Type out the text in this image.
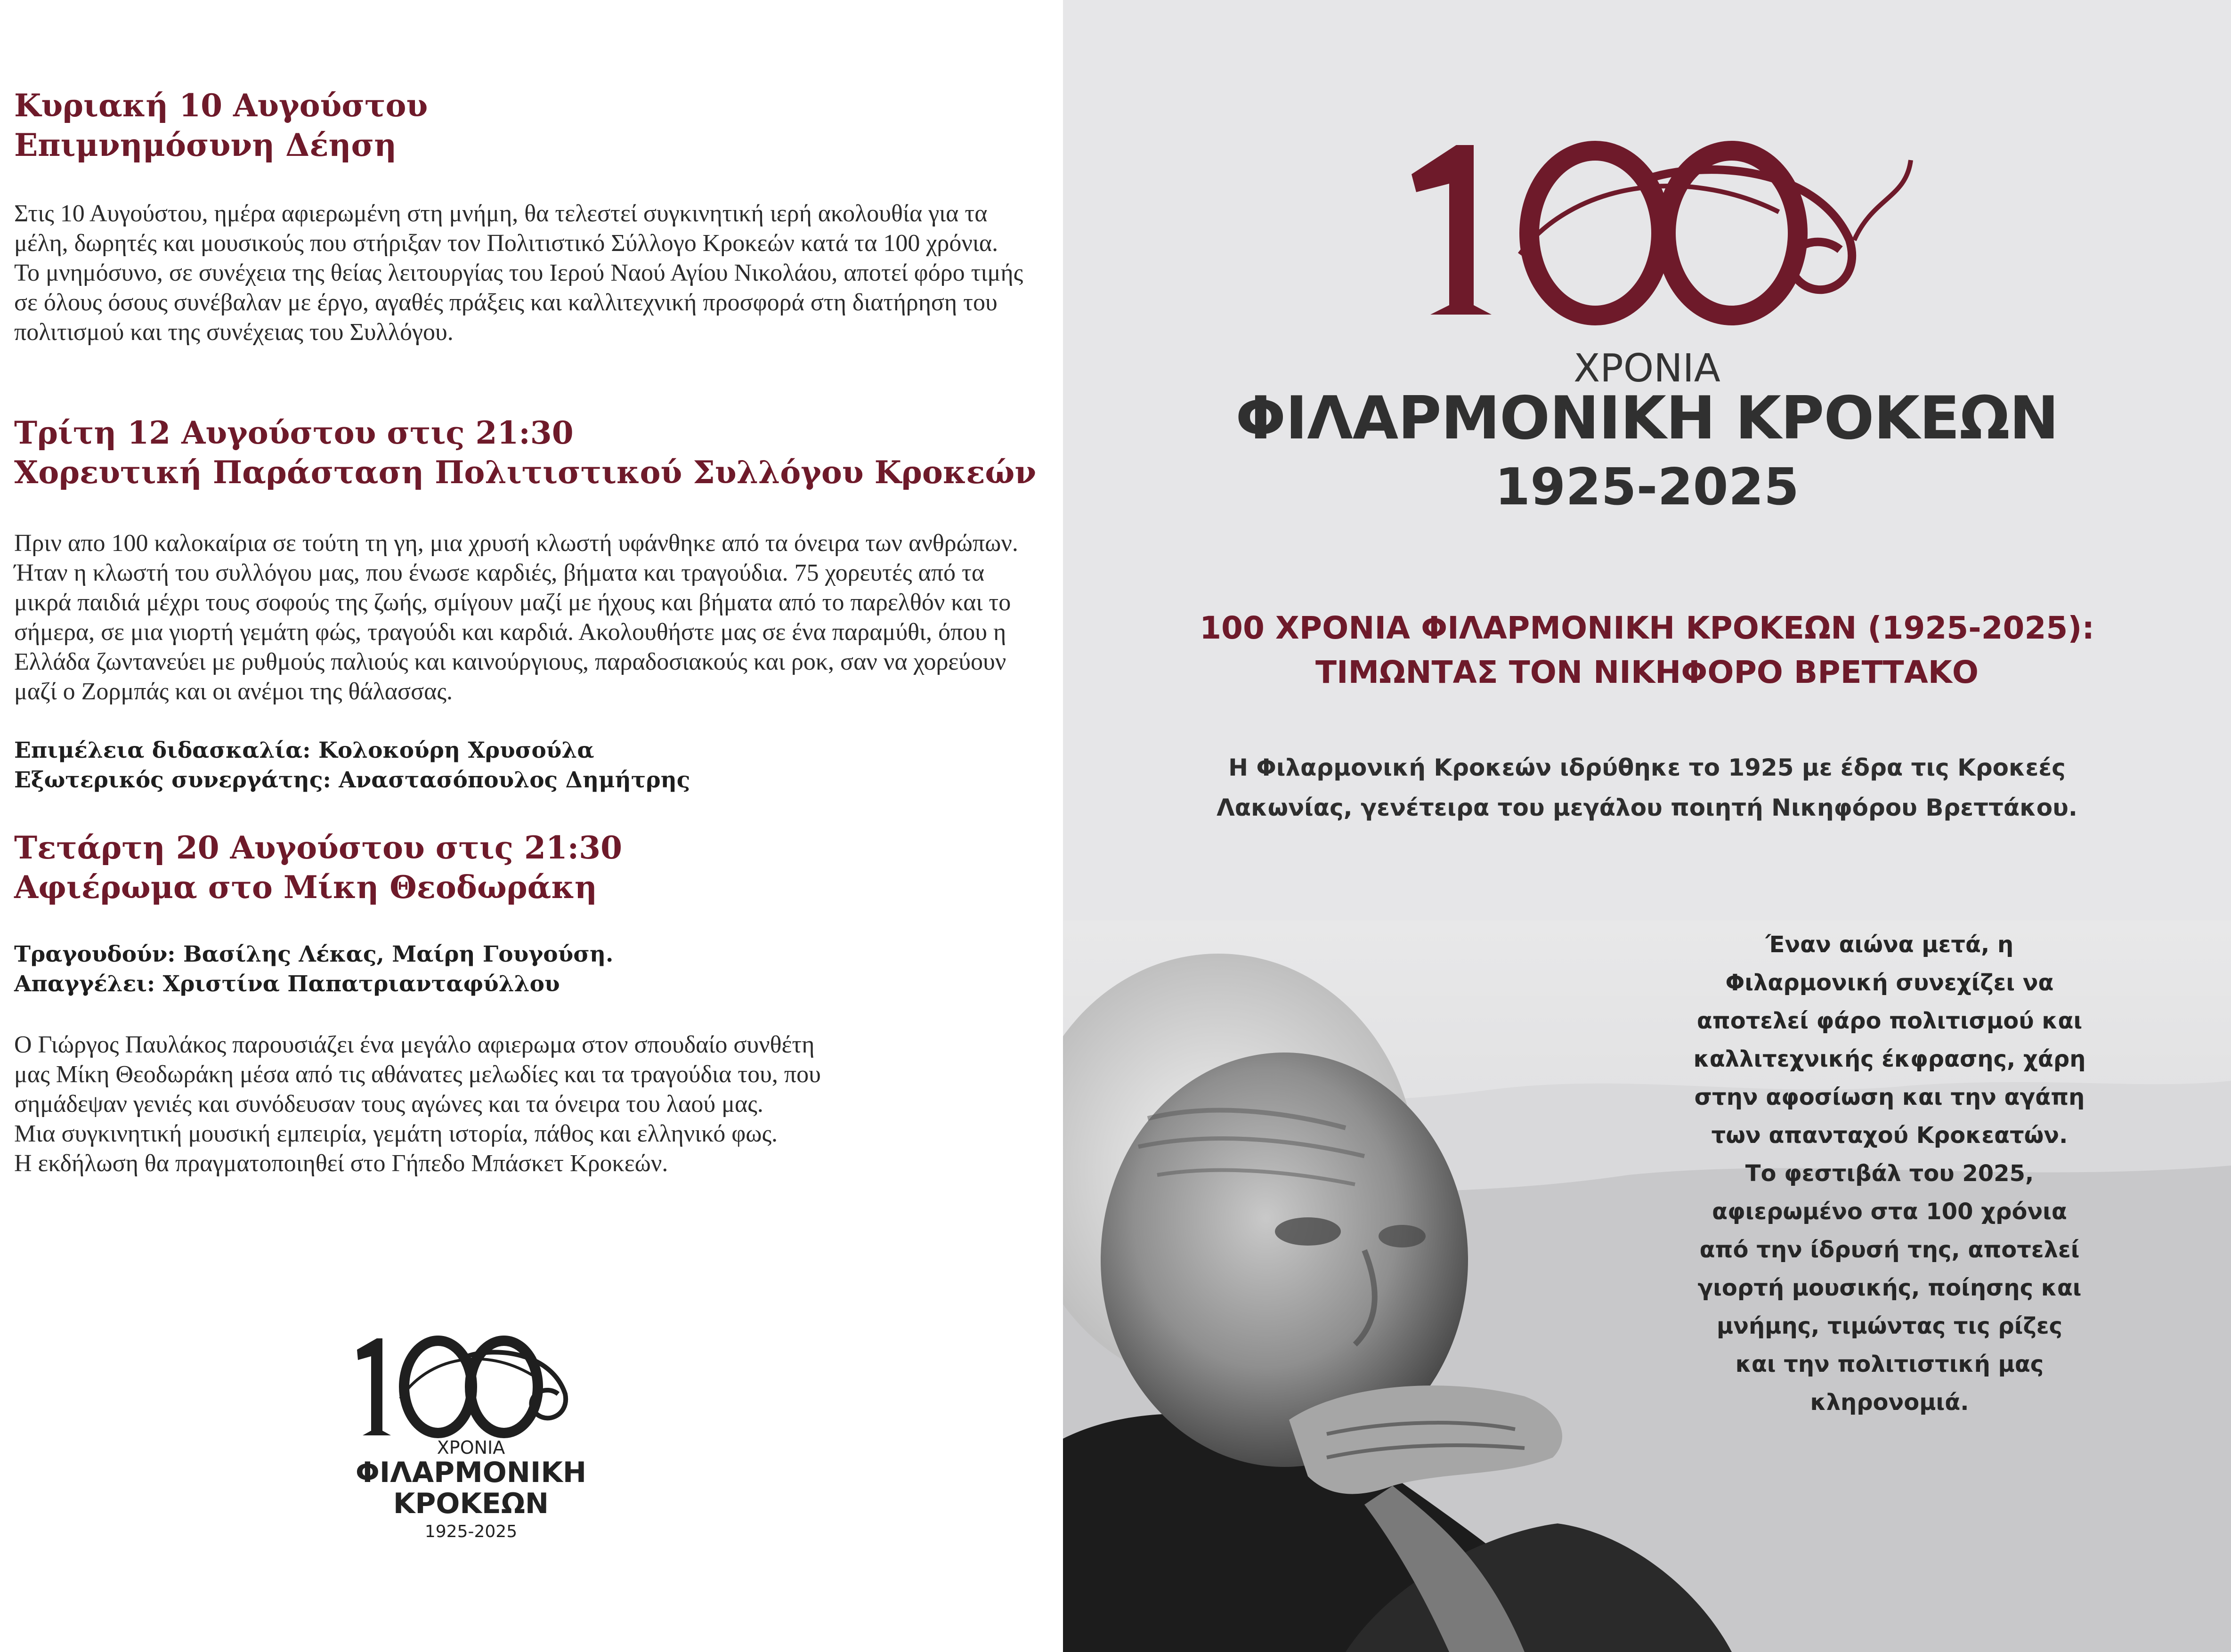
Κυριακή 10 Αυγούστου
Επιμνημόσυνη Δέηση

Στις 10 Αυγούστου, ημέρα αφιερωμένη στη μνήμη, θα τελεστεί συγκινητική ιερή ακολουθία για τα μέλη, δωρητές και μουσικούς που στήριξαν τον Πολιτιστικό Σύλλογο Κροκεών κατά τα 100 χρόνια. Το μνημόσυνο, σε συνέχεια της θείας λειτουργίας του Ιερού Ναού Αγίου Νικολάου, αποτεί φόρο τιμής σε όλους όσους συνέβαλαν με έργο, αγαθές πράξεις και καλλιτεχνική προσφορά στη διατήρηση του πολιτισμού και της συνέχειας του Συλλόγου.

Τρίτη 12 Αυγούστου στις 21:30
Χορευτική Παράσταση Πολιτιστικού Συλλόγου Κροκεών

Πριν απο 100 καλοκαίρια σε τούτη τη γη, μια χρυσή κλωστή υφάνθηκε από τα όνειρα των ανθρώπων. Ήταν η κλωστή του συλλόγου μας, που ένωσε καρδιές, βήματα και τραγούδια. 75 χορευτές από τα μικρά παιδιά μέχρι τους σοφούς της ζωής, σμίγουν μαζί με ήχους και βήματα από το παρελθόν και το σήμερα, σε μια γιορτή γεμάτη φώς, τραγούδι και καρδιά. Ακολουθήστε μας σε ένα παραμύθι, όπου η Ελλάδα ζωντανεύει με ρυθμούς παλιούς και καινούργιους, παραδοσιακούς και ροκ, σαν να χορεύουν μαζί ο Ζορμπάς και οι ανέμοι της θάλασσας.

Επιμέλεια διδασκαλία: Κολοκούρη Χρυσούλα

Εξωτερικός συνεργάτης: Αναστασόπουλος Δημήτρης

Τετάρτη 20 Αυγούστου στις 21:30
Αφιέρωμα στο Μίκη Θεοδωράκη

Τραγουδούν: Βασίλης Λέκας, Μαίρη Γουγούση.

Απαγγέλει: Χριστίνα Παπατριανταφύλλου

Ο Γιώργος Παυλάκος παρουσιάζει ένα μεγάλο αφιερωμα στον σπουδαίο συνθέτη

μας Μίκη Θεοδωράκη μέσα από τις αθάνατες μελωδίες και τα τραγούδια του, που

σημάδεψαν γενιές και συνόδευσαν τους αγώνες και τα όνειρα του λαού μας.

Μια συγκινητική μουσική εμπειρία, γεμάτη ιστορία, πάθος και ελληνικό φως.

Η εκδήλωση θα πραγματοποιηθεί στο Γήπεδο Μπάσκετ Κροκεών.

ΧΡΟΝΙΑ

ΦΙΛΑΡΜΟΝΙΚΗ

ΚΡΟΚΕΩΝ

1925-2025

ΧΡΟΝΙΑ

ΦΙΛΑΡΜΟΝΙΚΗ ΚΡΟΚΕΩΝ

1925-2025

100 ΧΡΟΝΙΑ ΦΙΛΑΡΜΟΝΙΚΗ ΚΡΟΚΕΩΝ (1925-2025):
ΤΙΜΩΝΤΑΣ ΤΟΝ ΝΙΚΗΦΟΡΟ ΒΡΕΤΤΑΚΟ

Η Φιλαρμονική Κροκεών ιδρύθηκε το 1925 με έδρα τις Κροκεές
Λακωνίας, γενέτειρα του μεγάλου ποιητή Νικηφόρου Βρεττάκου.

Έναν αιώνα μετά, η
Φιλαρμονική συνεχίζει να
αποτελεί φάρο πολιτισμού και
καλλιτεχνικής έκφρασης, χάρη
στην αφοσίωση και την αγάπη
των απανταχού Κροκεατών.
Το φεστιβάλ του 2025,
αφιερωμένο στα 100 χρόνια
από την ίδρυσή της, αποτελεί
γιορτή μουσικής, ποίησης και
μνήμης, τιμώντας τις ρίζες
και την πολιτιστική μας
κληρονομιά.
